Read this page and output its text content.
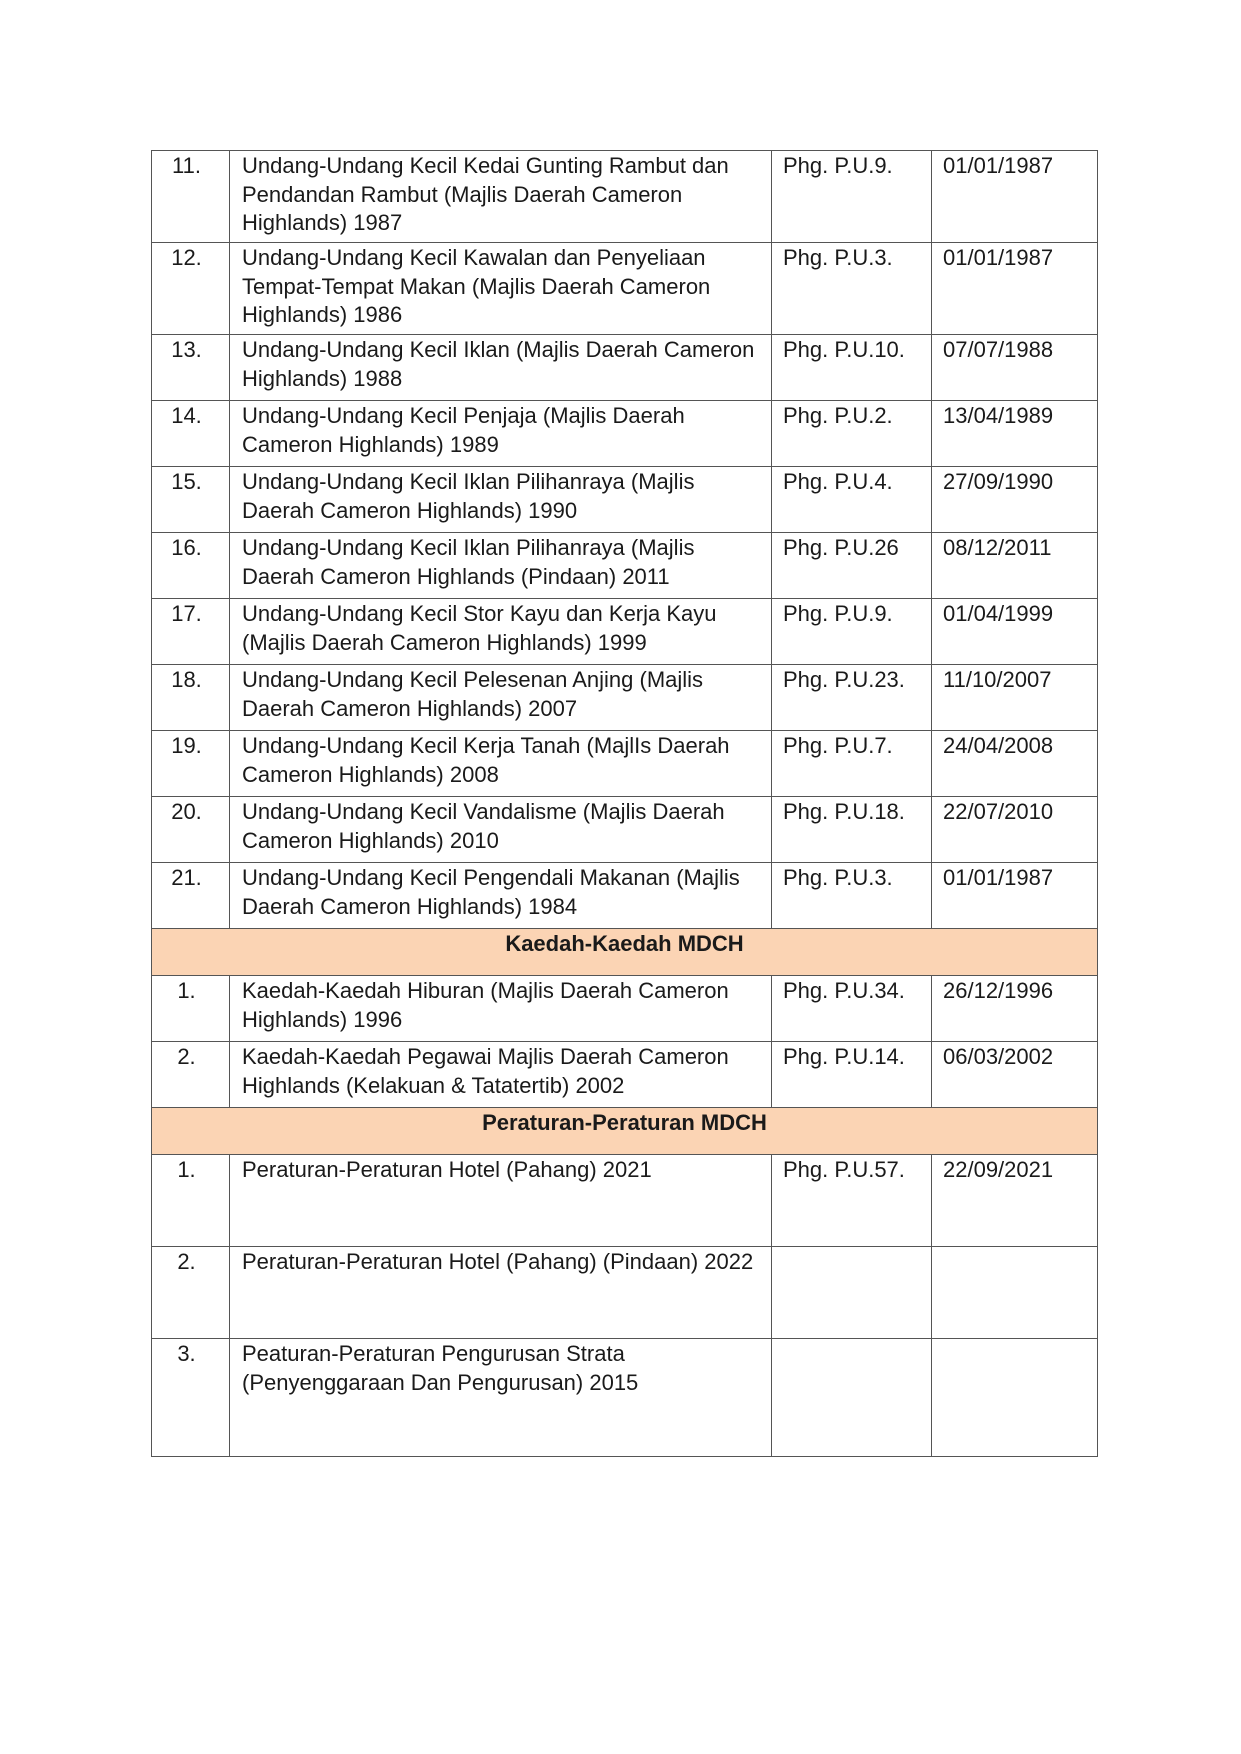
11.	Undang-Undang Kecil Kedai Gunting Rambut dan Pendandan Rambut (Majlis Daerah Cameron Highlands) 1987	Phg. P.U.9.	01/01/1987
12.	Undang-Undang Kecil Kawalan dan Penyeliaan Tempat-Tempat Makan (Majlis Daerah Cameron Highlands) 1986	Phg. P.U.3.	01/01/1987
13.	Undang-Undang Kecil Iklan (Majlis Daerah Cameron Highlands) 1988	Phg. P.U.10.	07/07/1988
14.	Undang-Undang Kecil Penjaja (Majlis Daerah Cameron Highlands) 1989	Phg. P.U.2.	13/04/1989
15.	Undang-Undang Kecil Iklan Pilihanraya (Majlis Daerah Cameron Highlands) 1990	Phg. P.U.4.	27/09/1990
16.	Undang-Undang Kecil Iklan Pilihanraya (Majlis Daerah Cameron Highlands (Pindaan) 2011	Phg. P.U.26	08/12/2011
17.	Undang-Undang Kecil Stor Kayu dan Kerja Kayu (Majlis Daerah Cameron Highlands) 1999	Phg. P.U.9.	01/04/1999
18.	Undang-Undang Kecil Pelesenan Anjing (Majlis Daerah Cameron Highlands) 2007	Phg. P.U.23.	11/10/2007
19.	Undang-Undang Kecil Kerja Tanah (MajlIs Daerah Cameron Highlands) 2008	Phg. P.U.7.	24/04/2008
20.	Undang-Undang Kecil Vandalisme (Majlis Daerah Cameron Highlands) 2010	Phg. P.U.18.	22/07/2010
21.	Undang-Undang Kecil Pengendali Makanan (Majlis Daerah Cameron Highlands) 1984	Phg. P.U.3.	01/01/1987
Kaedah-Kaedah MDCH			
1.	Kaedah-Kaedah Hiburan (Majlis Daerah Cameron Highlands) 1996	Phg. P.U.34.	26/12/1996
2.	Kaedah-Kaedah Pegawai Majlis Daerah Cameron Highlands (Kelakuan & Tatatertib) 2002	Phg. P.U.14.	06/03/2002
Peraturan-Peraturan MDCH			
1.	Peraturan-Peraturan Hotel (Pahang) 2021	Phg. P.U.57.	22/09/2021
2.	Peraturan-Peraturan Hotel (Pahang) (Pindaan) 2022		
3.	Peaturan-Peraturan Pengurusan Strata (Penyenggaraan Dan Pengurusan) 2015		
